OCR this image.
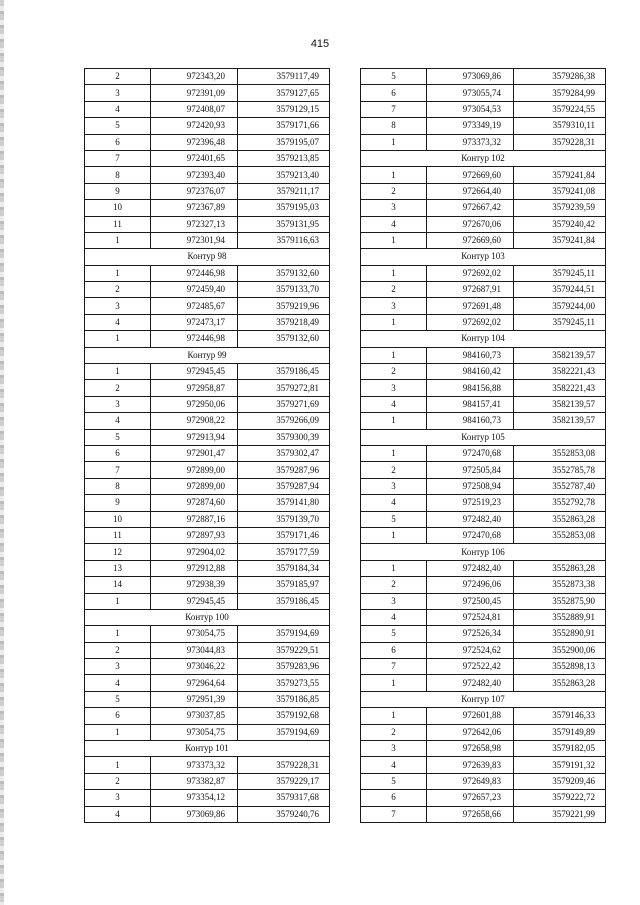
415
2	972343,20	3579117,49
3	972391,09	3579127,65
4	972408,07	3579129,15
5	972420,93	3579171,66
6	972396,48	3579195,07
7	972401,65	3579213,85
8	972393,40	3579213,40
9	972376,07	3579211,17
10	972367,89	3579195,03
11	972327,13	3579131,95
1	972301,94	3579116,63
Контур 98		
1	972446,98	3579132,60
2	972459,40	3579133,70
3	972485,67	3579219,96
4	972473,17	3579218,49
1	972446,98	3579132,60
Контур 99		
1	972945,45	3579186,45
2	972958,87	3579272,81
3	972950,06	3579271,69
4	972908,22	3579266,09
5	972913,94	3579300,39
6	972901,47	3579302,47
7	972899,00	3579287,96
8	972899,00	3579287,94
9	972874,60	3579141,80
10	972887,16	3579139,70
11	972897,93	3579171,46
12	972904,02	3579177,59
13	972912,88	3579184,34
14	972938,39	3579185,97
1	972945,45	3579186,45
Контур 100		
1	973054,75	3579194,69
2	973044,83	3579229,51
3	973046,22	3579283,96
4	972964,64	3579273,55
5	972951,39	3579186,85
6	973037,85	3579192,68
1	973054,75	3579194,69
Контур 101		
1	973373,32	3579228,31
2	973382,87	3579229,17
3	973354,12	3579317,68
4	973069,86	3579240,76
5	973069,86	3579286,38
6	973055,74	3579284,99
7	973054,53	3579224,55
8	973349,19	3579310,11
1	973373,32	3579228,31
Контур 102		
1	972669,60	3579241,84
2	972664,40	3579241,08
3	972667,42	3579239,59
4	972670,06	3579240,42
1	972669,60	3579241,84
Контур 103		
1	972692,02	3579245,11
2	972687,91	3579244,51
3	972691,48	3579244,00
1	972692,02	3579245,11
Контур 104		
1	984160,73	3582139,57
2	984160,42	3582221,43
3	984156,88	3582221,43
4	984157,41	3582139,57
1	984160,73	3582139,57
Контур 105		
1	972470,68	3552853,08
2	972505,84	3552785,78
3	972508,94	3552787,40
4	972519,23	3552792,78
5	972482,40	3552863,28
1	972470,68	3552853,08
Контур 106		
1	972482,40	3552863,28
2	972496,06	3552873,38
3	972500,45	3552875,90
4	972524,81	3552889,91
5	972526,34	3552890,91
6	972524,62	3552900,06
7	972522,42	3552898,13
1	972482,40	3552863,28
Контур 107		
1	972601,88	3579146,33
2	972642,06	3579149,89
3	972658,98	3579182,05
4	972639,83	3579191,32
5	972649,83	3579209,46
6	972657,23	3579222,72
7	972658,66	3579221,99
